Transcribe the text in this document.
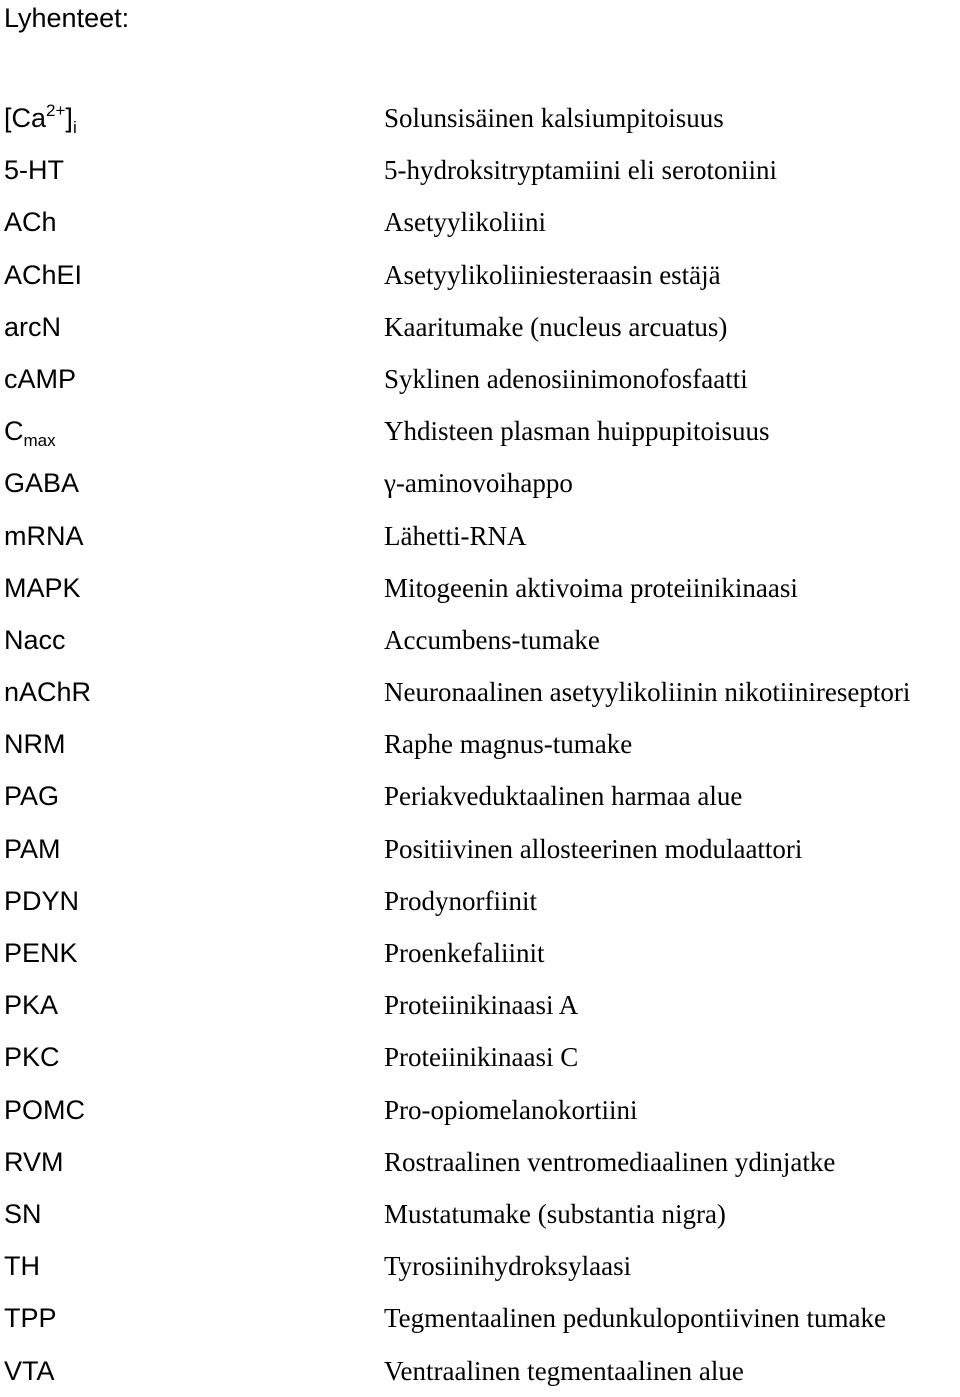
Lyhenteet:
$[Ca^{2+}]_i$	Solunsisäinen kalsiumpitoisuus
5-HT	5-hydroksitryptamiini eli serotoniini
ACh	Asetyylikoliini
AChEI	Asetyylikoliiniesteraasin estäjä
arcN	Kaaritumake (nucleus arcuatus)
cAMP	Syklinen adenosiinimonofosfaatti
$C_{max}$	Yhdisteen plasman huippupitoisuus
GABA	γ-aminovoihappo
mRNA	Lähetti-RNA
MAPK	Mitogeenin aktivoima proteiinikinaasi
Nacc	Accumbens-tumake
nAChR	Neuronaalinen asetyylikoliinin nikotiinireseptori
NRM	Raphe magnus-tumake
PAG	Periakveduktaalinen harmaa alue
PAM	Positiivinen allosteerinen modulaattori
PDYN	Prodynorfiinit
PENK	Proenkefaliinit
PKA	Proteiinikinaasi A
PKC	Proteiinikinaasi C
POMC	Pro-opiomelanokortiini
RVM	Rostraalinen ventromediaalinen ydinjatke
SN	Mustatumake (substantia nigra)
TH	Tyrosiinihydroksylaasi
TPP	Tegmentaalinen pedunkulopontiivinen tumake
VTA	Ventraalinen tegmentaalinen alue
